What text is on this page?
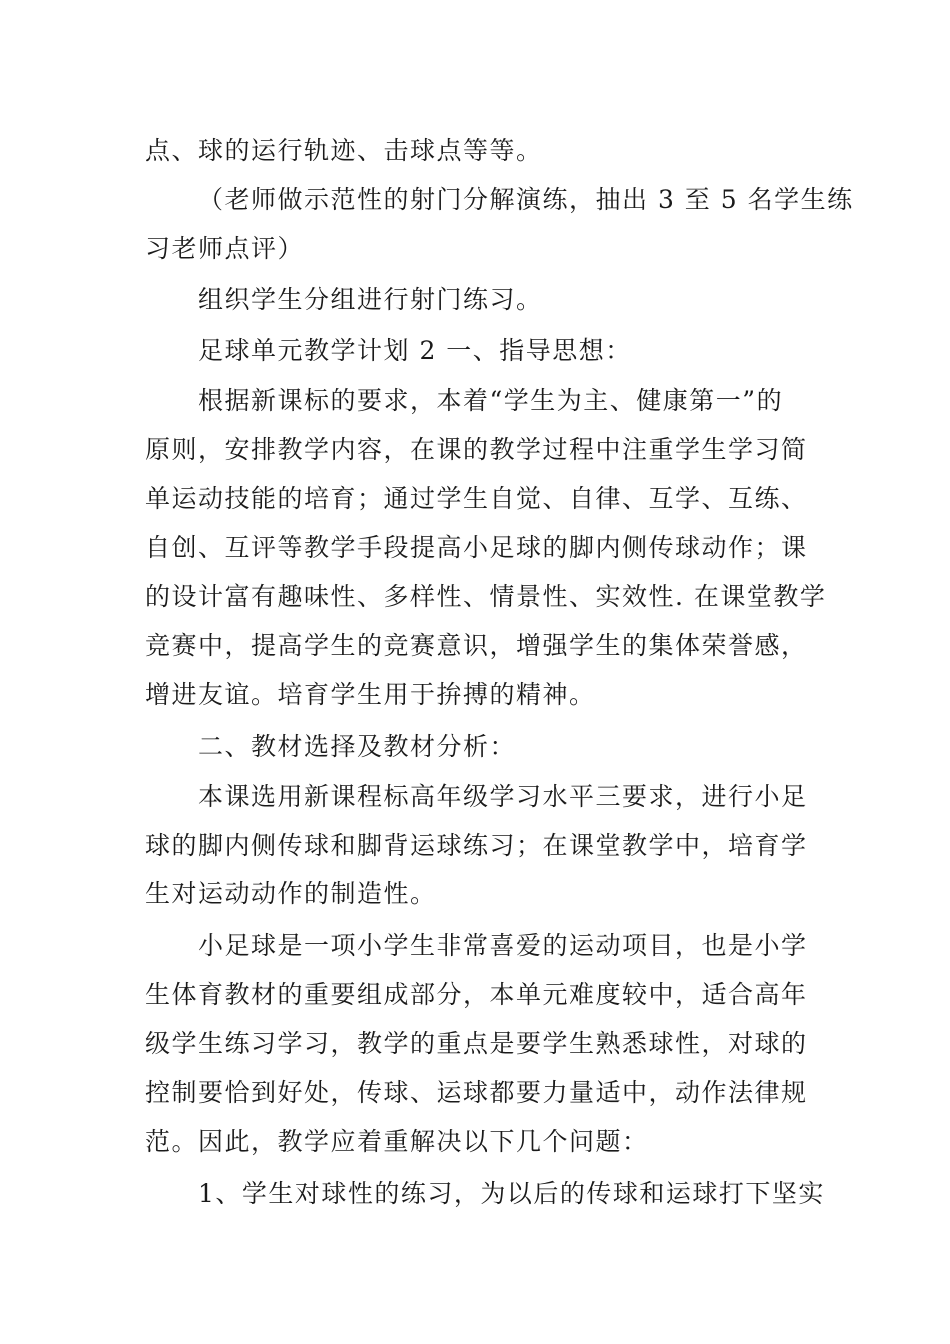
点、球的运行轨迹、击球点等等。
（老师做示范性的射门分解演练，抽出 3 至 5 名学生练
习老师点评）
组织学生分组进行射门练习。
足球单元教学计划 2 一、指导思想：
根据新课标的要求，本着“学生为主、健康第一”的
原则，安排教学内容，在课的教学过程中注重学生学习简
单运动技能的培育；通过学生自觉、自律、互学、互练、
自创、互评等教学手段提高小足球的脚内侧传球动作；课
的设计富有趣味性、多样性、情景性、实效性. 在课堂教学
竞赛中，提高学生的竞赛意识，增强学生的集体荣誉感，
增进友谊。培育学生用于拚搏的精神。
二、教材选择及教材分析：
本课选用新课程标高年级学习水平三要求，进行小足
球的脚内侧传球和脚背运球练习；在课堂教学中，培育学
生对运动动作的制造性。
小足球是一项小学生非常喜爱的运动项目，也是小学
生体育教材的重要组成部分，本单元难度较中，适合高年
级学生练习学习，教学的重点是要学生熟悉球性，对球的
控制要恰到好处，传球、运球都要力量适中，动作法律规
范。因此，教学应着重解决以下几个问题：
1、学生对球性的练习，为以后的传球和运球打下坚实
